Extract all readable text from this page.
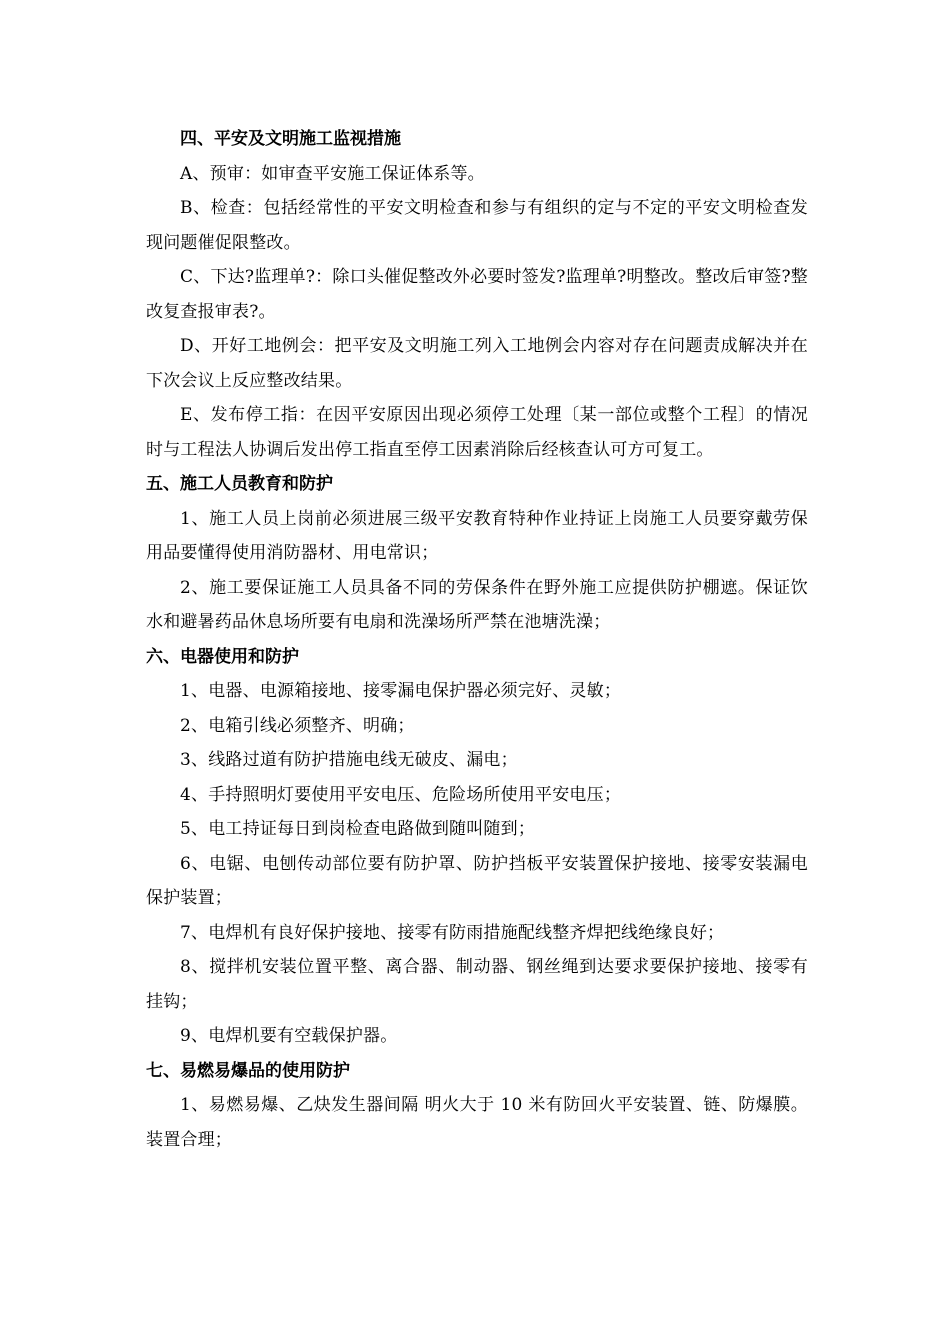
四、平安及文明施工监视措施

A、预审：如审查平安施工保证体系等。

B、检查：包括经常性的平安文明检查和参与有组织的定与不定的平安文明检查发现问题催促限整改。

C、下达?监理单?：除口头催促整改外必要时签发?监理单?明整改。整改后审签?整改复查报审表?。

D、开好工地例会：把平安及文明施工列入工地例会内容对存在问题责成解决并在下次会议上反应整改结果。

E、发布停工指：在因平安原因出现必须停工处理〔某一部位或整个工程〕的情况时与工程法人协调后发出停工指直至停工因素消除后经核查认可方可复工。

五、施工人员教育和防护

1、施工人员上岗前必须进展三级平安教育特种作业持证上岗施工人员要穿戴劳保用品要懂得使用消防器材、用电常识；

2、施工要保证施工人员具备不同的劳保条件在野外施工应提供防护棚遮。保证饮水和避暑药品休息场所要有电扇和洗澡场所严禁在池塘洗澡；

六、电器使用和防护

1、电器、电源箱接地、接零漏电保护器必须完好、灵敏；

2、电箱引线必须整齐、明确；

3、线路过道有防护措施电线无破皮、漏电；

4、手持照明灯要使用平安电压、危险场所使用平安电压；

5、电工持证每日到岗检查电路做到随叫随到；

6、电锯、电刨传动部位要有防护罩、防护挡板平安装置保护接地、接零安装漏电保护装置；

7、电焊机有良好保护接地、接零有防雨措施配线整齐焊把线绝缘良好；

8、搅拌机安装位置平整、离合器、制动器、钢丝绳到达要求要保护接地、接零有挂钩；

9、电焊机要有空载保护器。

七、易燃易爆品的使用防护

1、易燃易爆、乙炔发生器间隔 明火大于 10 米有防回火平安装置、链、防爆膜。装置合理；
